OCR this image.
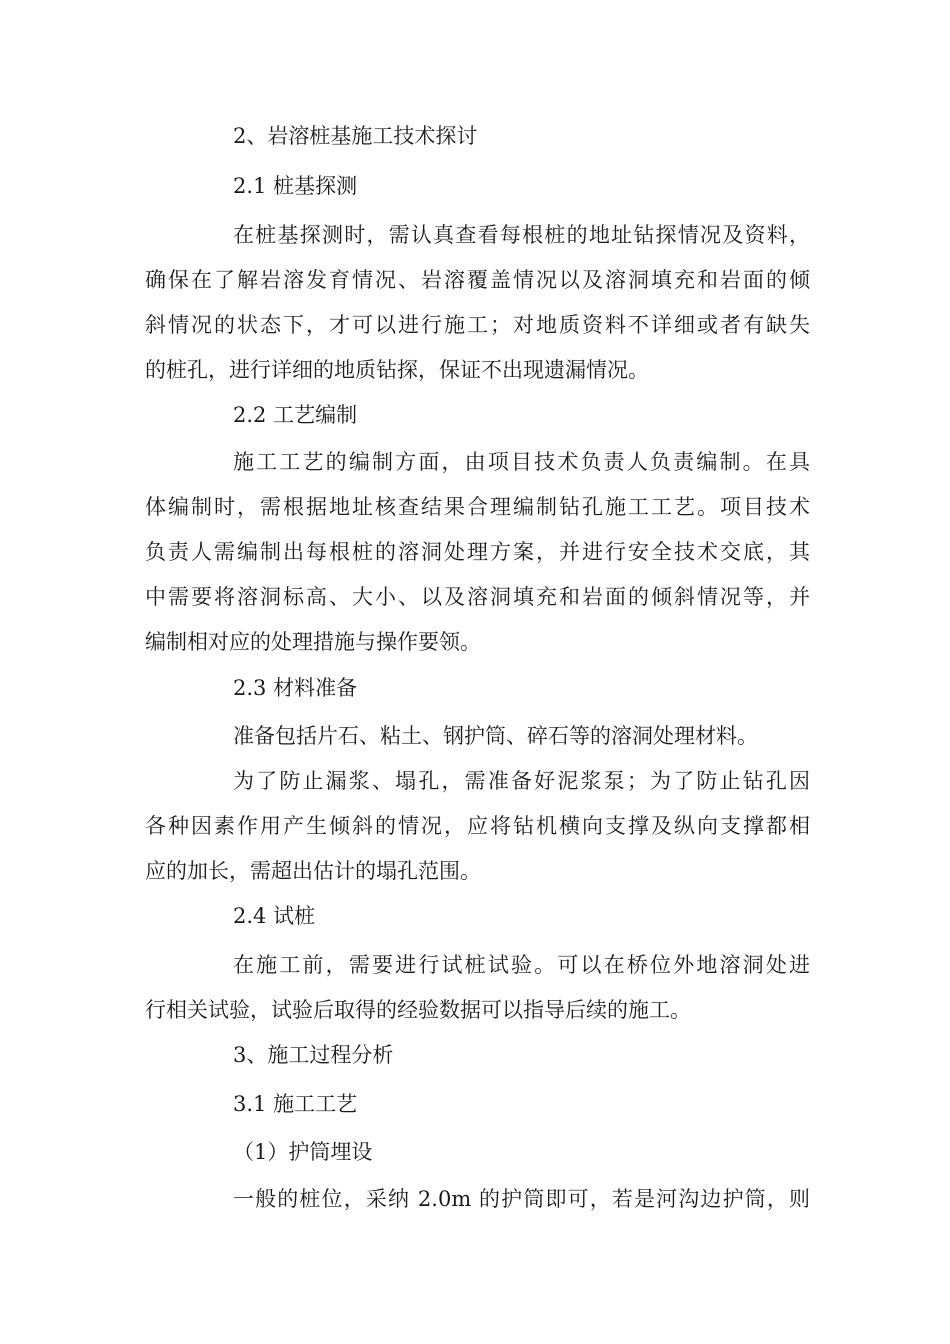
2、岩溶桩基施工技术探讨
2.1 桩基探测
在桩基探测时，需认真查看每根桩的地址钻探情况及资料，
确保在了解岩溶发育情况、岩溶覆盖情况以及溶洞填充和岩面的倾
斜情况的状态下，才可以进行施工；对地质资料不详细或者有缺失
的桩孔，进行详细的地质钻探，保证不出现遗漏情况。
2.2 工艺编制
施工工艺的编制方面，由项目技术负责人负责编制。在具
体编制时，需根据地址核查结果合理编制钻孔施工工艺。项目技术
负责人需编制出每根桩的溶洞处理方案，并进行安全技术交底，其
中需要将溶洞标高、大小、以及溶洞填充和岩面的倾斜情况等，并
编制相对应的处理措施与操作要领。
2.3 材料准备
准备包括片石、粘土、钢护筒、碎石等的溶洞处理材料。
为了防止漏浆、塌孔，需准备好泥浆泵；为了防止钻孔因
各种因素作用产生倾斜的情况，应将钻机横向支撑及纵向支撑都相
应的加长，需超出估计的塌孔范围。
2.4 试桩
在施工前，需要进行试桩试验。可以在桥位外地溶洞处进
行相关试验，试验后取得的经验数据可以指导后续的施工。
3、施工过程分析
3.1 施工工艺
（1）护筒埋设
一般的桩位，采纳 2.0m 的护筒即可，若是河沟边护筒，则
